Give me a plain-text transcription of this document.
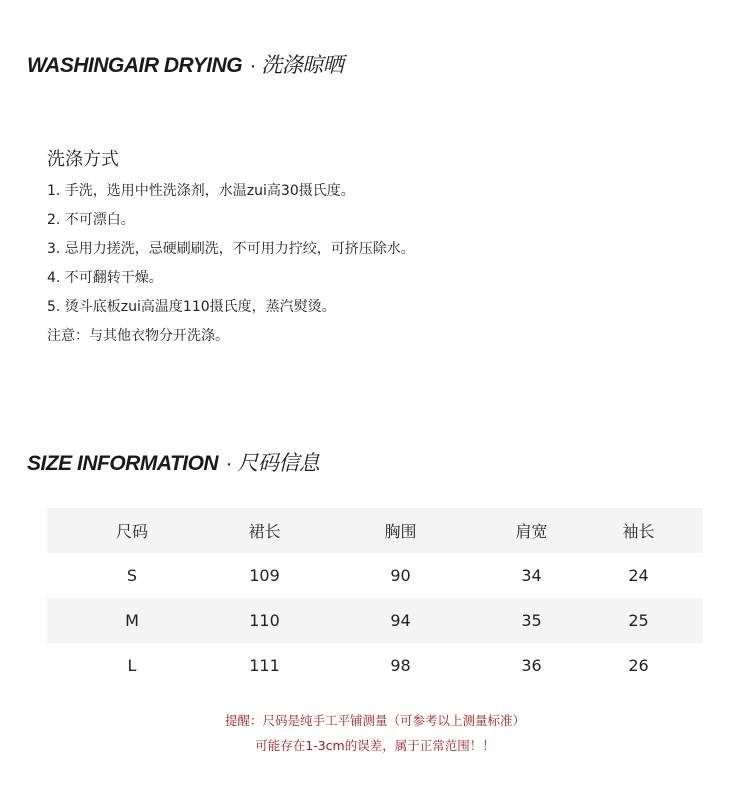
WASHINGAIR DRYING · 洗涤晾晒
洗涤方式
1. 手洗，选用中性洗涤剂，水温zui高30摄氏度。
2. 不可漂白。
3. 忌用力搓洗，忌硬刷刷洗，不可用力拧绞，可挤压除水。
4. 不可翻转干燥。
5. 烫斗底板zui高温度110摄氏度，蒸汽熨烫。
注意：与其他衣物分开洗涤。
SIZE INFORMATION · 尺码信息
尺码	裙长	胸围	肩宽	袖长
S	109	90	34	24
M	110	94	35	25
L	111	98	36	26
提醒：尺码是纯手工平铺测量（可参考以上测量标准）
可能存在1-3cm的误差，属于正常范围！！
